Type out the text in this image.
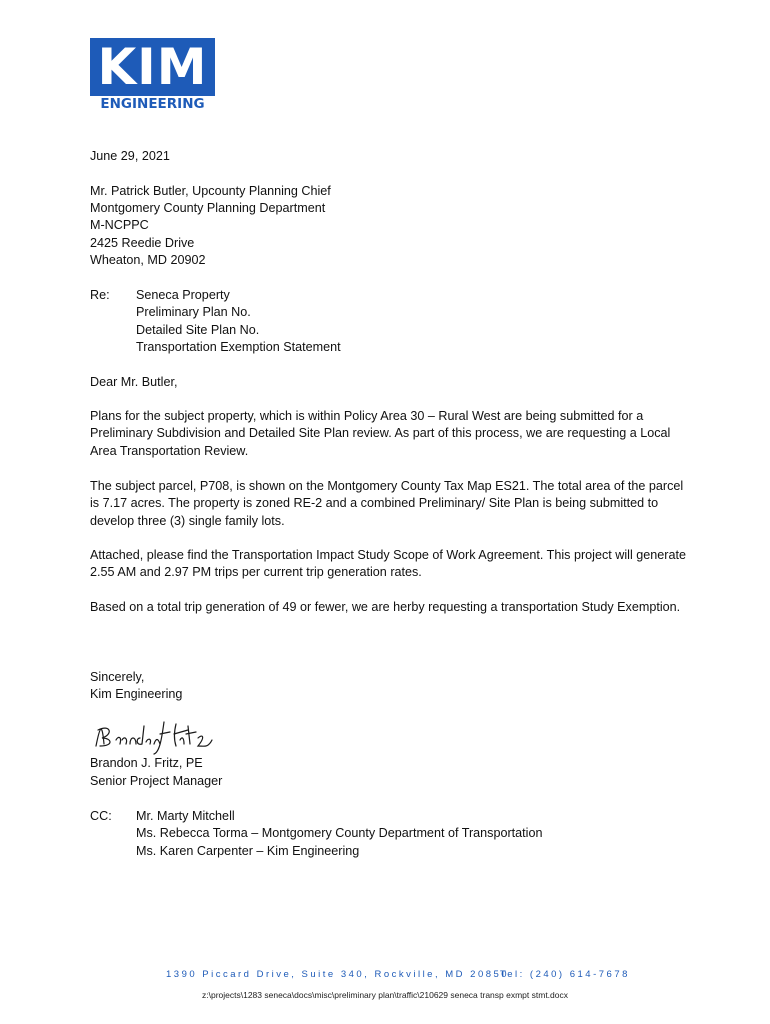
KIM
ENGINEERING
June 29, 2021
Mr. Patrick Butler, Upcounty Planning Chief
Montgomery County Planning Department
M-NCPPC
2425 Reedie Drive
Wheaton, MD 20902
Re: Seneca Property
Preliminary Plan No.
Detailed Site Plan No.
Transportation Exemption Statement
Dear Mr. Butler,
Plans for the subject property, which is within Policy Area 30 – Rural West are being submitted for a Preliminary Subdivision and Detailed Site Plan review. As part of this process, we are requesting a Local Area Transportation Review.
The subject parcel, P708, is shown on the Montgomery County Tax Map ES21. The total area of the parcel is 7.17 acres. The property is zoned RE-2 and a combined Preliminary/ Site Plan is being submitted to develop three (3) single family lots.
Attached, please find the Transportation Impact Study Scope of Work Agreement. This project will generate 2.55 AM and 2.97 PM trips per current trip generation rates.
Based on a total trip generation of 49 or fewer, we are herby requesting a transportation Study Exemption.
Sincerely,
Kim Engineering
Brandon J. Fritz, PE
Senior Project Manager
CC: Mr. Marty Mitchell
Ms. Rebecca Torma – Montgomery County Department of Transportation
Ms. Karen Carpenter – Kim Engineering
1390 Piccard Drive, Suite 340, Rockville, MD 20850
Tel: (240) 614-7678
z:\projects\1283 seneca\docs\misc\preliminary plan\traffic\210629 seneca transp exmpt stmt.docx
